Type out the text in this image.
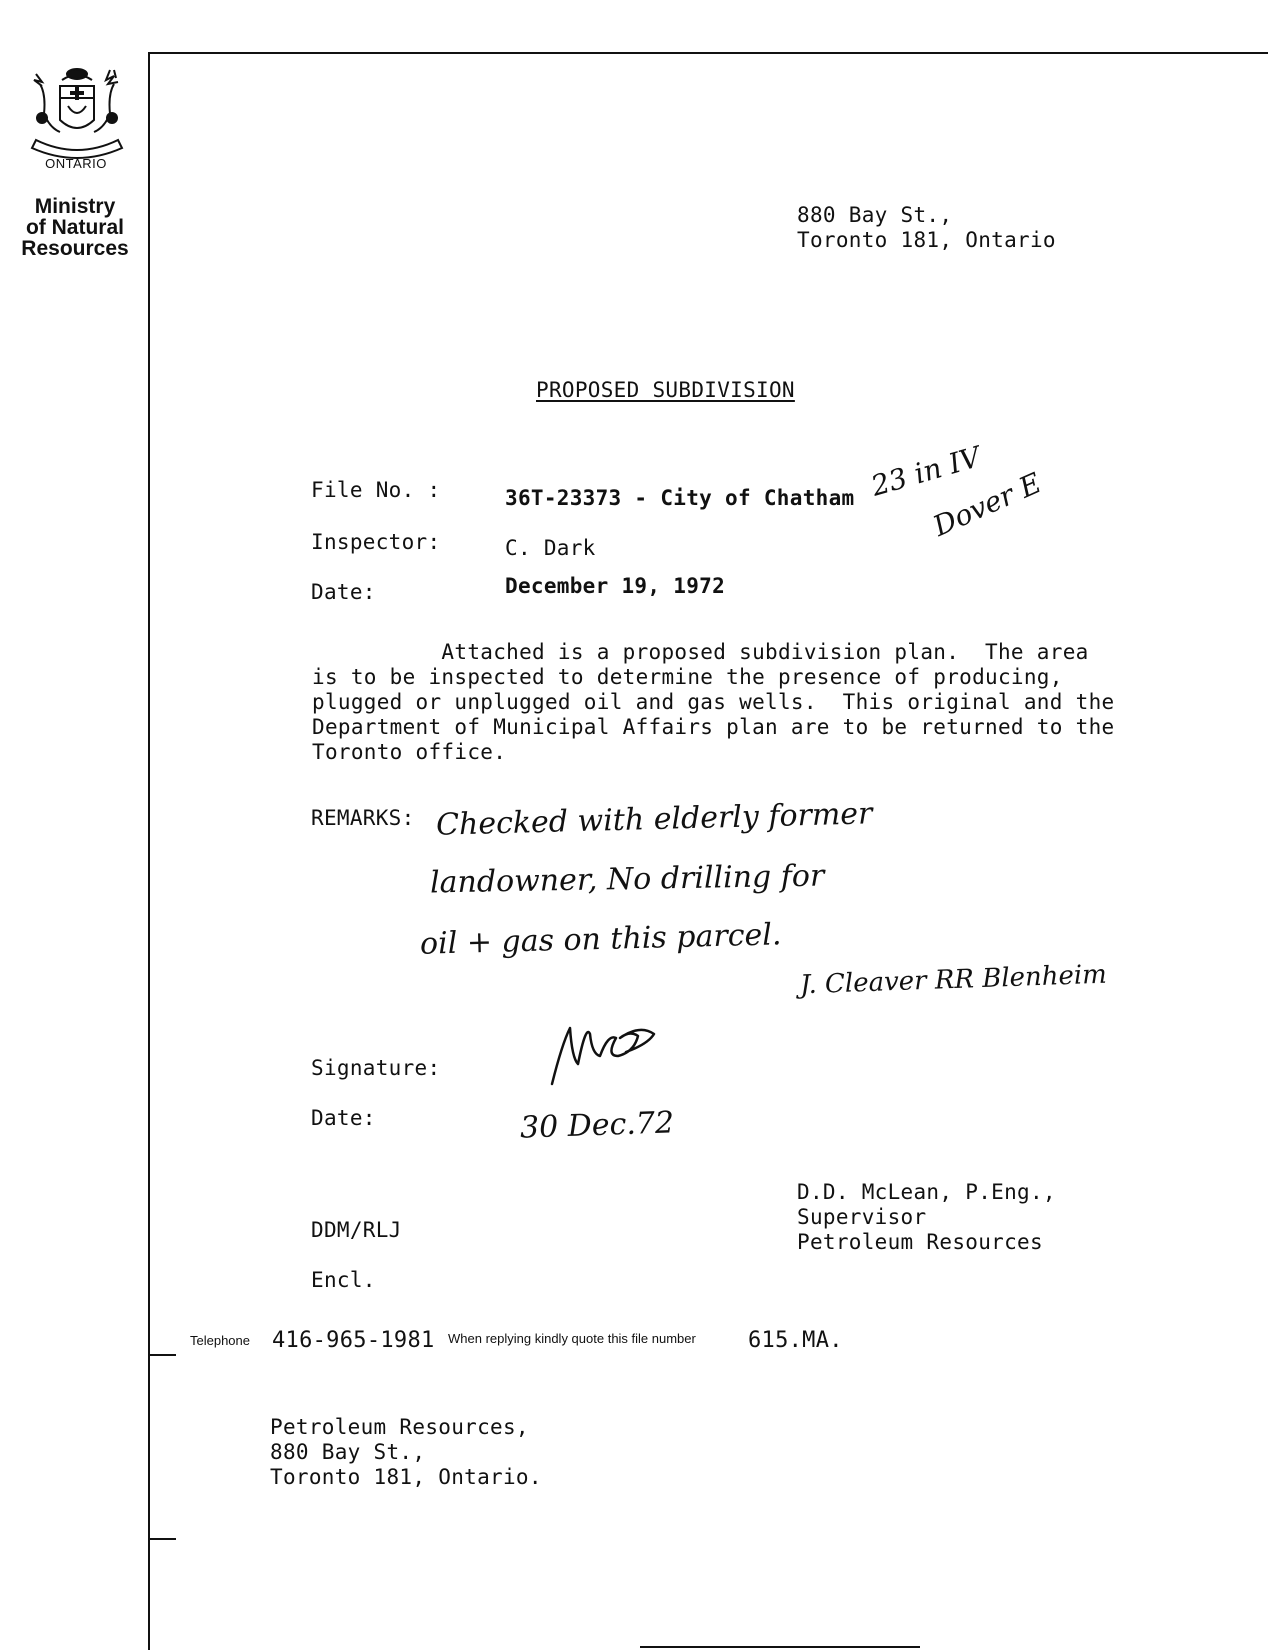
ONTARIO
Ministry
of Natural
Resources
880 Bay St.,
Toronto 181, Ontario
PROPOSED SUBDIVISION
File No. :	36T-23373 - City of Chatham
Inspector:	C. Dark
Date:	December 19, 1972
23 in IV
Dover E
Attached is a proposed subdivision plan.  The area
is to be inspected to determine the presence of producing,
plugged or unplugged oil and gas wells.  This original and the
Department of Municipal Affairs plan are to be returned to the
Toronto office.
REMARKS: Checked with elderly former
landowner, No drilling for
oil + gas on this parcel.
J. Cleaver RR Blenheim
Signature:
Date:	30 Dec.72
D.D. McLean, P.Eng.,
Supervisor
Petroleum Resources
DDM/RLJ
Encl.
Telephone 416-965-1981 When replying kindly quote this file number 615.MA.
Petroleum Resources,
880 Bay St.,
Toronto 181, Ontario.
